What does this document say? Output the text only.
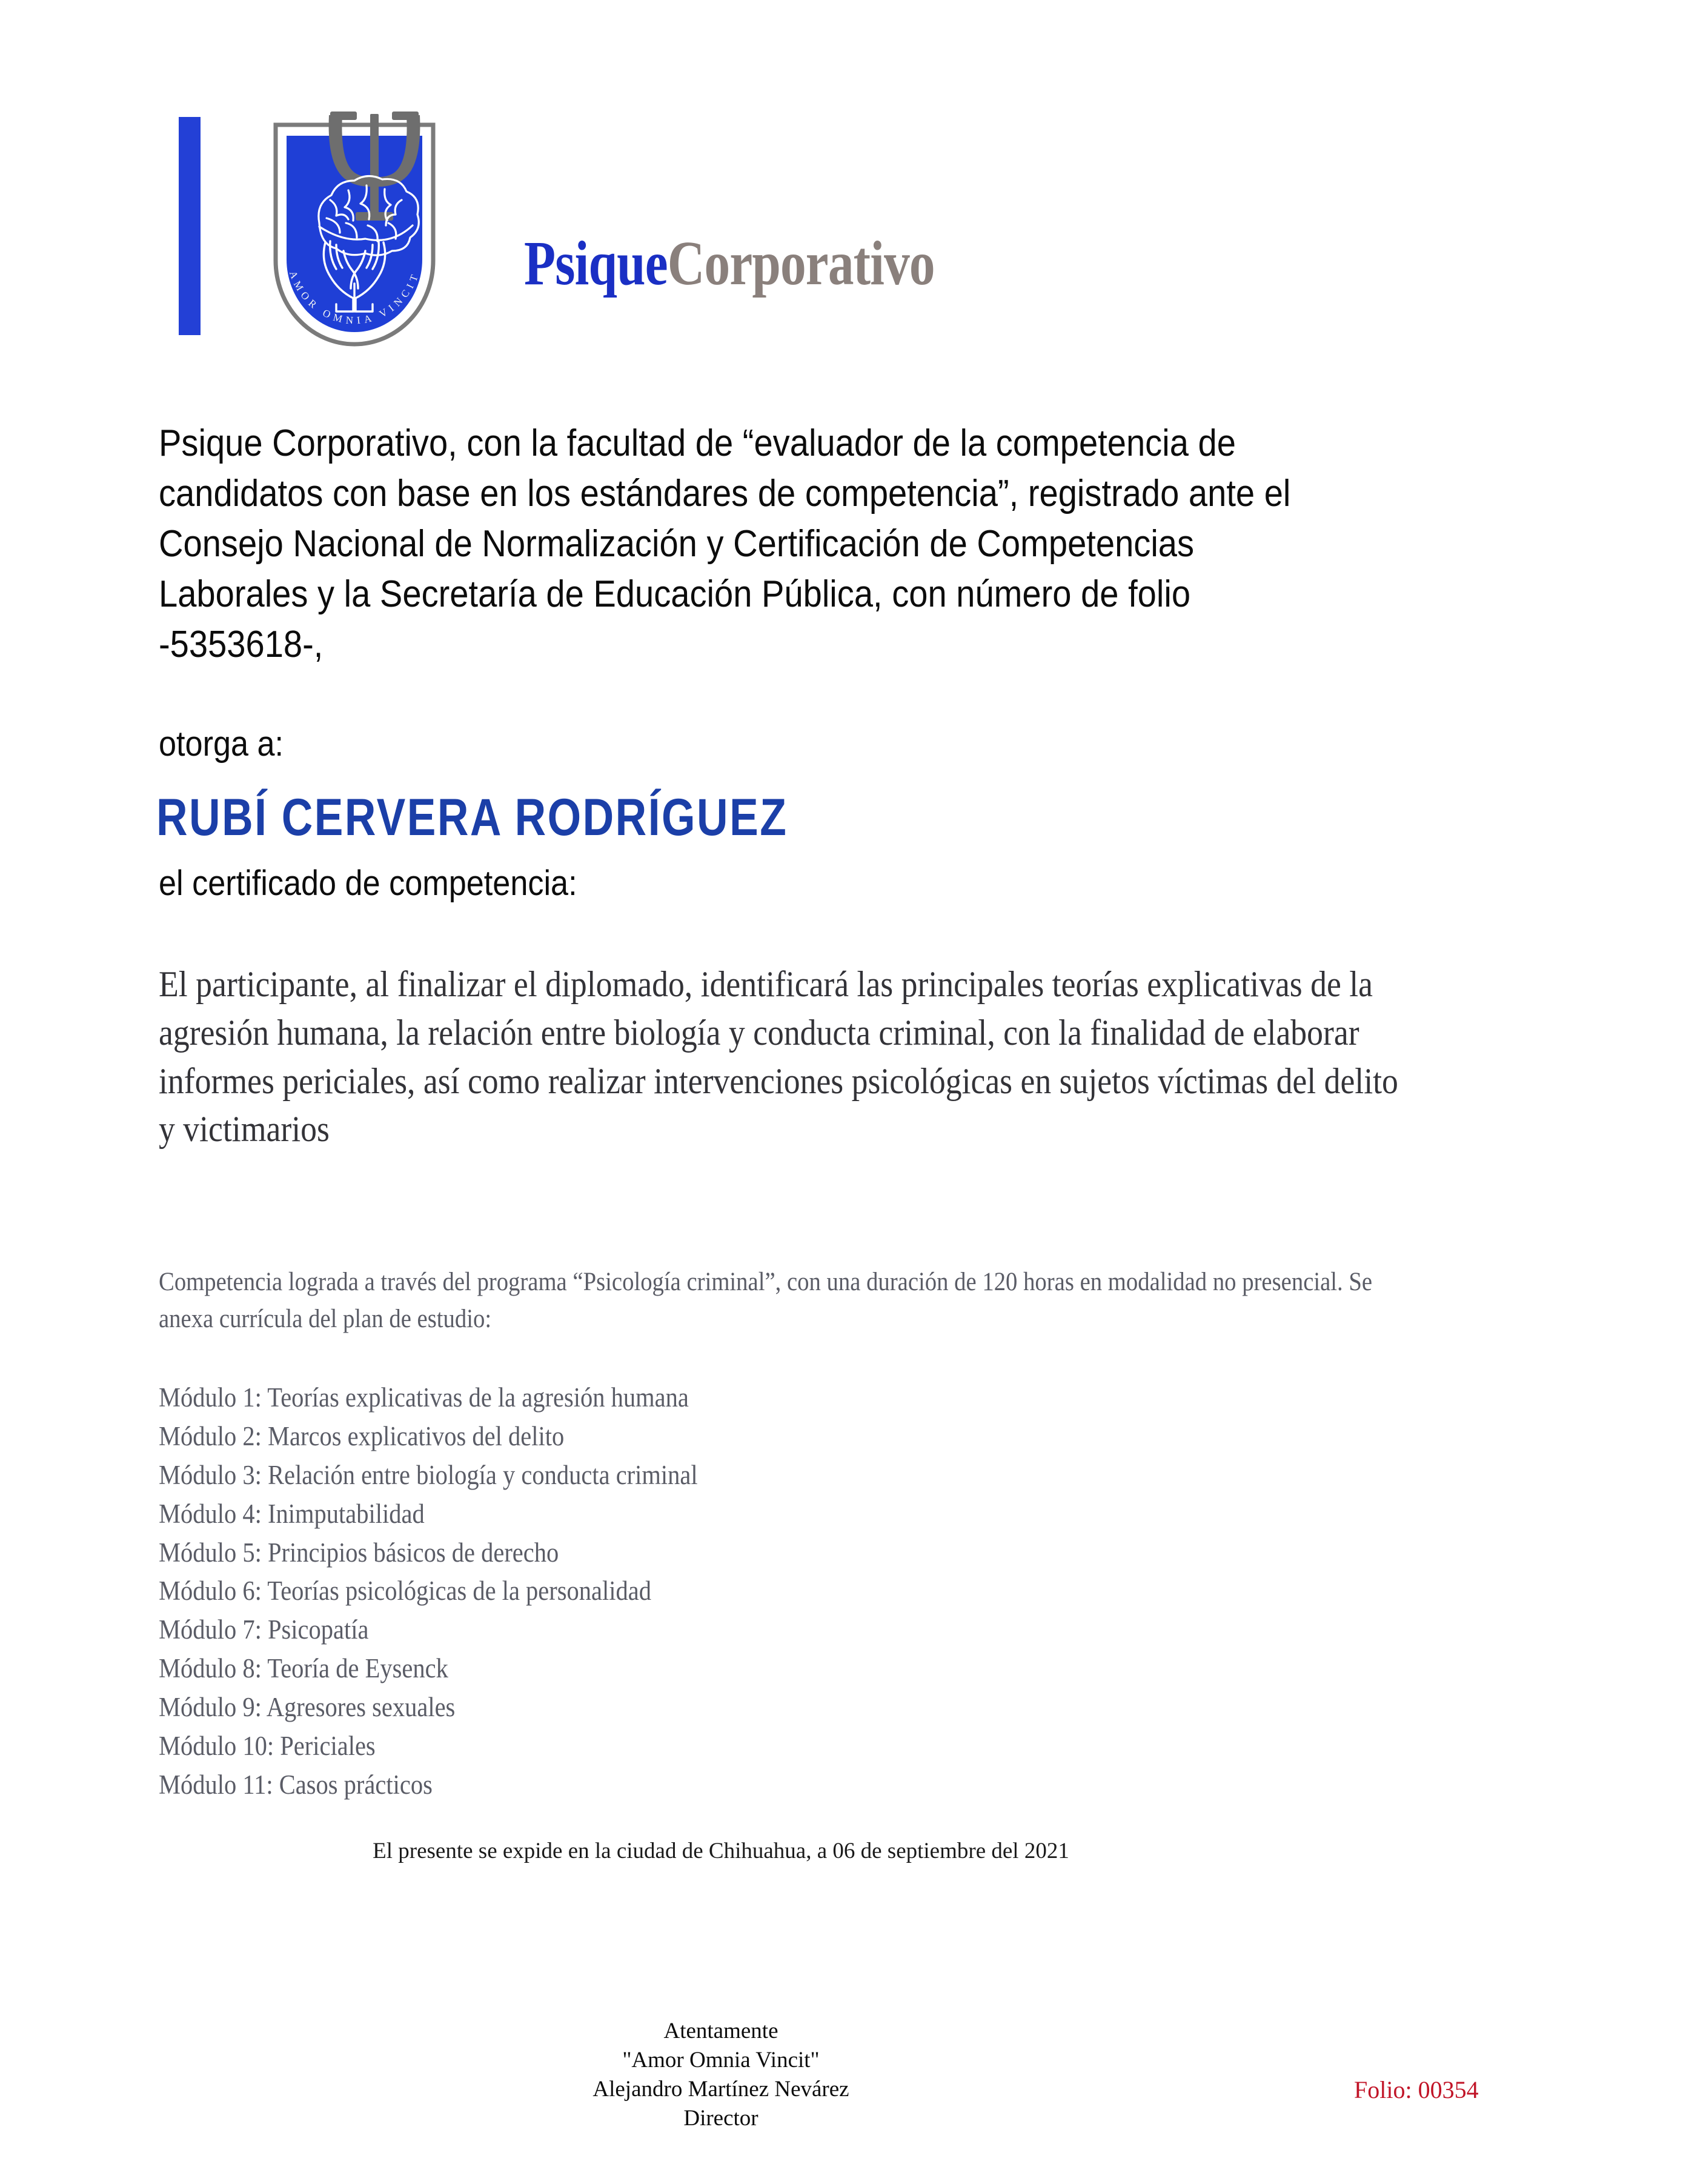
AMOR OMNIA VINCIT PsiqueCorporativo
Psique Corporativo, con la facultad de “evaluador de la competencia de candidatos con base en los estándares de competencia”, registrado ante el Consejo Nacional de Normalización y Certificación de Competencias Laborales y la Secretaría de Educación Pública, con número de folio -5353618-,
otorga a:
RUBÍ CERVERA RODRÍGUEZ
el certificado de competencia:
El participante, al finalizar el diplomado, identificará las principales teorías explicativas de la agresión humana, la relación entre biología y conducta criminal, con la finalidad de elaborar informes periciales, así como realizar intervenciones psicológicas en sujetos víctimas del delito y victimarios
Competencia lograda a través del programa “Psicología criminal”, con una duración de 120 horas en modalidad no presencial. Se anexa currícula del plan de estudio:
Módulo 1: Teorías explicativas de la agresión humana
Módulo 2: Marcos explicativos del delito
Módulo 3: Relación entre biología y conducta criminal
Módulo 4: Inimputabilidad
Módulo 5: Principios básicos de derecho
Módulo 6: Teorías psicológicas de la personalidad
Módulo 7: Psicopatía
Módulo 8: Teoría de Eysenck
Módulo 9: Agresores sexuales
Módulo 10: Periciales
Módulo 11: Casos prácticos
El presente se expide en la ciudad de Chihuahua, a 06 de septiembre del 2021
Atentamente
"Amor Omnia Vincit"
Alejandro Martínez Nevárez
Director
Folio: 00354
